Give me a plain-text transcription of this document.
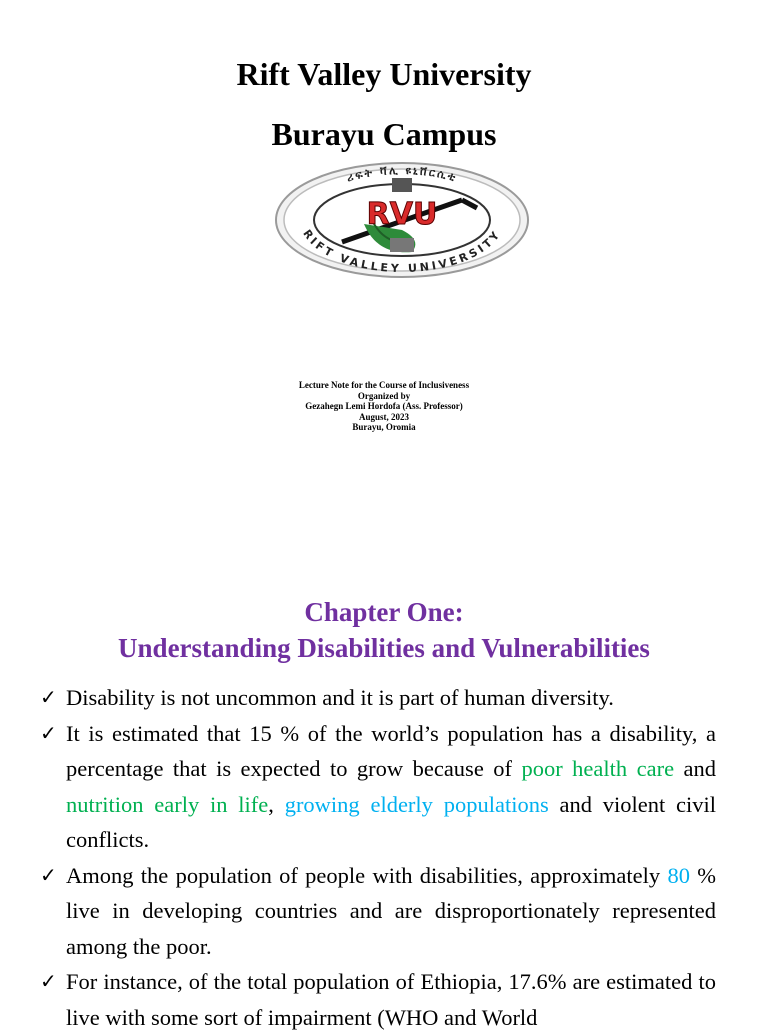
Rift Valley University
Burayu Campus
ሪፍት ቫሊ ዩኒቨርሲቲ
RIFT VALLEY UNIVERSITY
RVU
Lecture Note for the Course of Inclusiveness
Organized by
Gezahegn Lemi Hordofa (Ass. Professor)
August, 2023
Burayu, Oromia
Chapter One:
Understanding Disabilities and Vulnerabilities
✓ Disability is not uncommon and it is part of human diversity.
✓ It is estimated that 15 % of the world’s population has a disability, a percentage that is expected to grow because of poor health care and nutrition early in life, growing elderly populations and violent civil conflicts.
✓ Among the population of people with disabilities, approximately 80 % live in developing countries and are disproportionately represented among the poor.
✓ For instance, of the total population of Ethiopia, 17.6% are estimated to live with some sort of impairment (WHO and World
